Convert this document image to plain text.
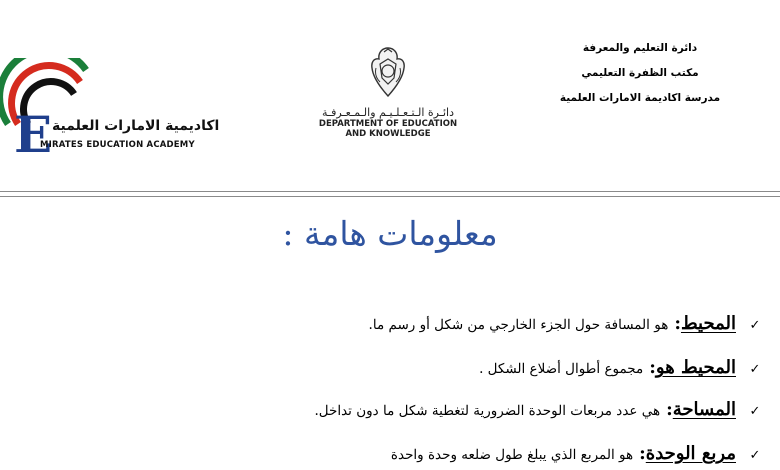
دائرة التعليم والمعرفة
مكتب الظفرة التعليمي
مدرسة اكاديمة الامارات العلمية
دائـرة الـتـعـلـيـم والـمـعـرفـة
DEPARTMENT OF EDUCATION
AND KNOWLEDGE
E اكاديمية الامارات العلمية
MIRATES EDUCATION ACADEMY
معلومات هامة :
✓المحيط:هو المسافة حول الجزء الخارجي من شكل أو رسم ما.
✓المحيط هو:مجموع أطوال أضلاع الشكل .
✓المساحة:هي عدد مربعات الوحدة الضرورية لتغطية شكل ما دون تداخل.
✓مربع الوحدة:هو المربع الذي يبلغ طول ضلعه وحدة واحدة
